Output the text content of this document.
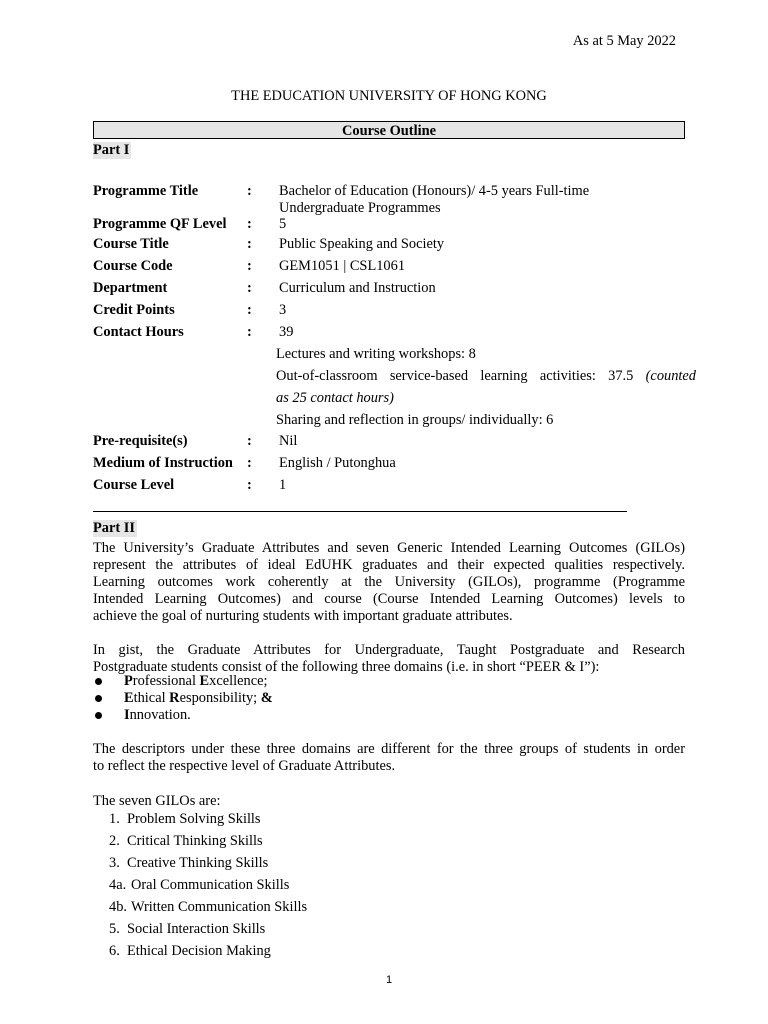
As at 5 May 2022
THE EDUCATION UNIVERSITY OF HONG KONG
Course Outline
Part I
Programme Title	: Bachelor of Education (Honours)/ 4-5 years Full-time
Undergraduate Programmes
Programme QF Level : 5
Course Title	: Public Speaking and Society
Course Code	: GEM1051 | CSL1061
Department	: Curriculum and Instruction
Credit Points	: 3
Contact Hours	: 39
Lectures and writing workshops: 8
Out-of-classroom service-based learning activities: 37.5 (counted
as 25 contact hours)
Sharing and reflection in groups/ individually: 6
Pre-requisite(s)	: Nil
Medium of Instruction : English / Putonghua
Course Level	: 1
Part II
The University’s Graduate Attributes and seven Generic Intended Learning Outcomes (GILOs)
represent the attributes of ideal EdUHK graduates and their expected qualities respectively.
Learning outcomes work coherently at the University (GILOs), programme (Programme
Intended Learning Outcomes) and course (Course Intended Learning Outcomes) levels to
achieve the goal of nurturing students with important graduate attributes.
In gist, the Graduate Attributes for Undergraduate, Taught Postgraduate and Research
Postgraduate students consist of the following three domains (i.e. in short “PEER & I”):
Professional Excellence;
Ethical Responsibility; &
Innovation.
The descriptors under these three domains are different for the three groups of students in order
to reflect the respective level of Graduate Attributes.
The seven GILOs are:
1. Problem Solving Skills
2. Critical Thinking Skills
3. Creative Thinking Skills
4a. Oral Communication Skills
4b. Written Communication Skills
5. Social Interaction Skills
6. Ethical Decision Making
1
